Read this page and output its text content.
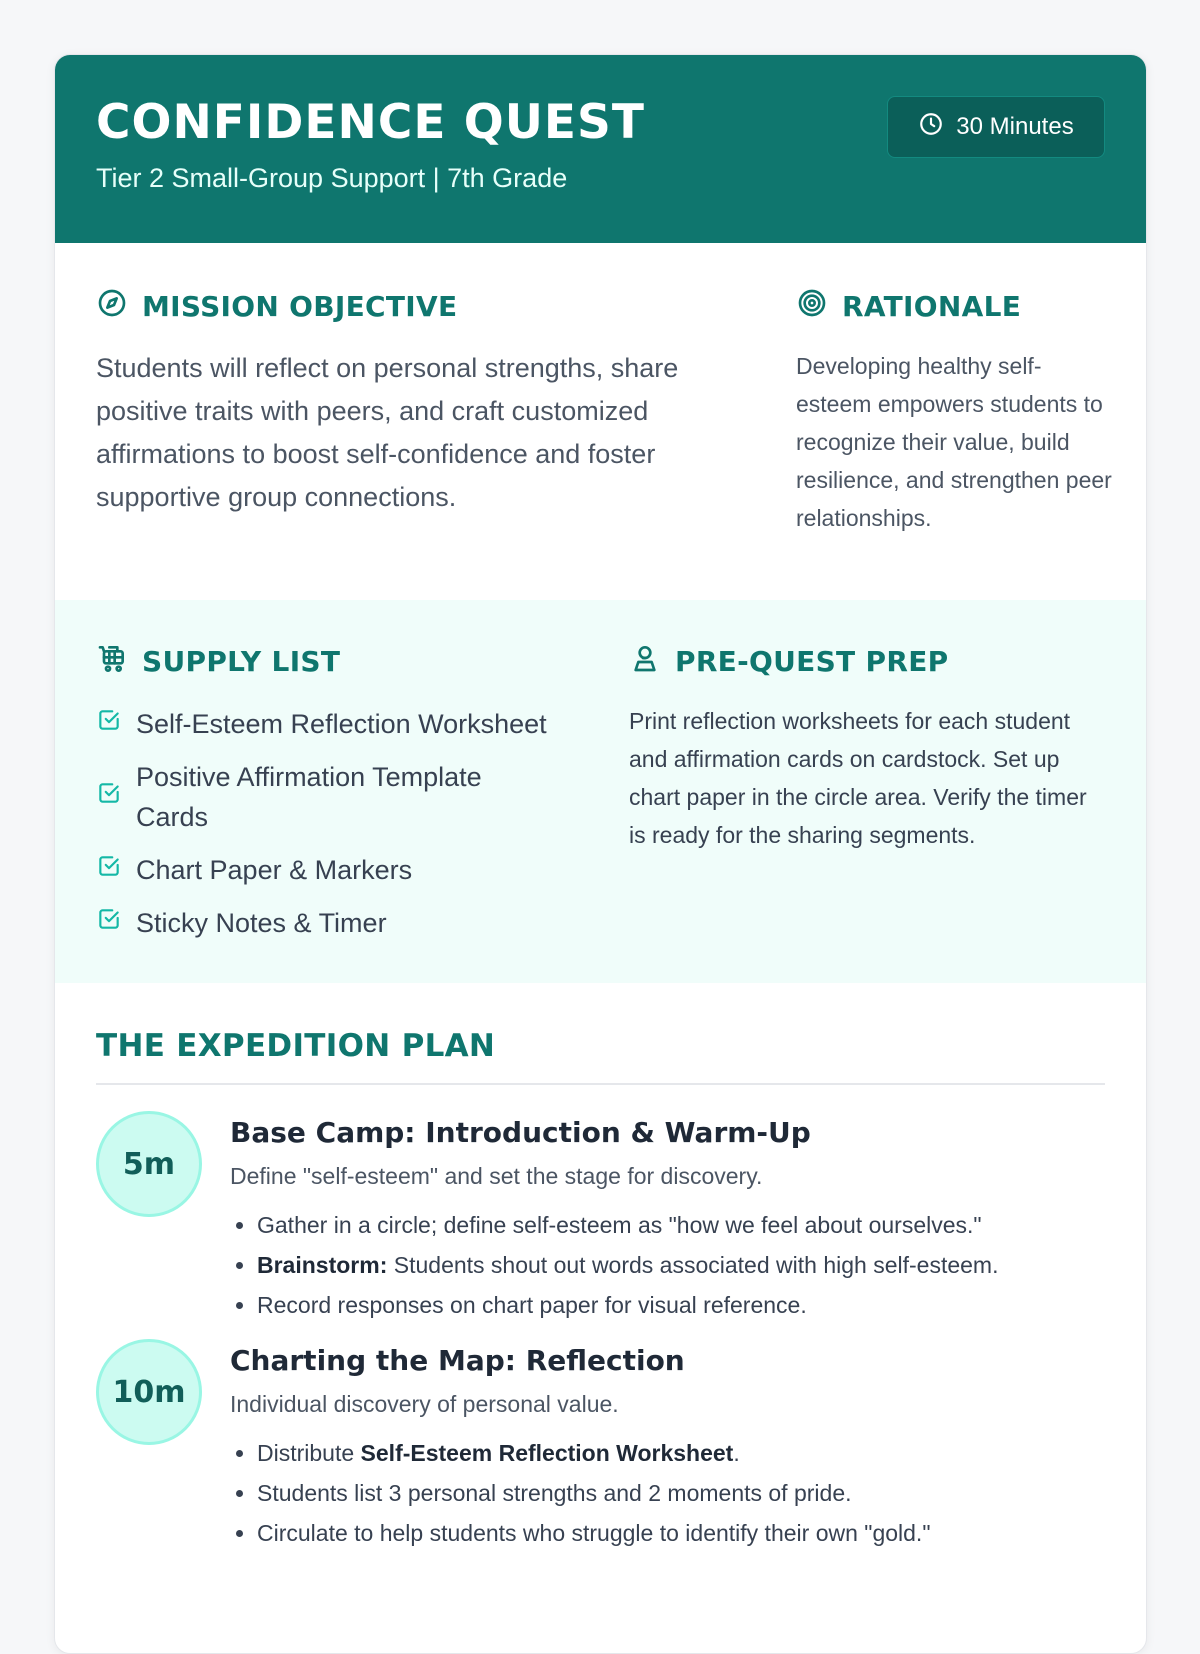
CONFIDENCE QUEST
Tier 2 Small-Group Support | 7th Grade
30 Minutes
MISSION OBJECTIVE

Students will reflect on personal strengths, share positive traits with peers, and craft customized affirmations to boost self-confidence and foster supportive group connections.

RATIONALE

Developing healthy self-esteem empowers students to recognize their value, build resilience, and strengthen peer relationships.

SUPPLY LIST
Self-Esteem Reflection Worksheet
Positive Affirmation Template Cards
Chart Paper & Markers
Sticky Notes & Timer
PRE-QUEST PREP

Print reflection worksheets for each student and affirmation cards on cardstock. Set up chart paper in the circle area. Verify the timer is ready for the sharing segments.

THE EXPEDITION PLAN
5m
Base Camp: Introduction & Warm-Up
Define "self-esteem" and set the stage for discovery.
• Gather in a circle; define self-esteem as "how we feel about ourselves."
• Brainstorm: Students shout out words associated with high self-esteem.
• Record responses on chart paper for visual reference.
10m
Charting the Map: Reflection
Individual discovery of personal value.
• Distribute Self-Esteem Reflection Worksheet.
• Students list 3 personal strengths and 2 moments of pride.
• Circulate to help students who struggle to identify their own "gold."
